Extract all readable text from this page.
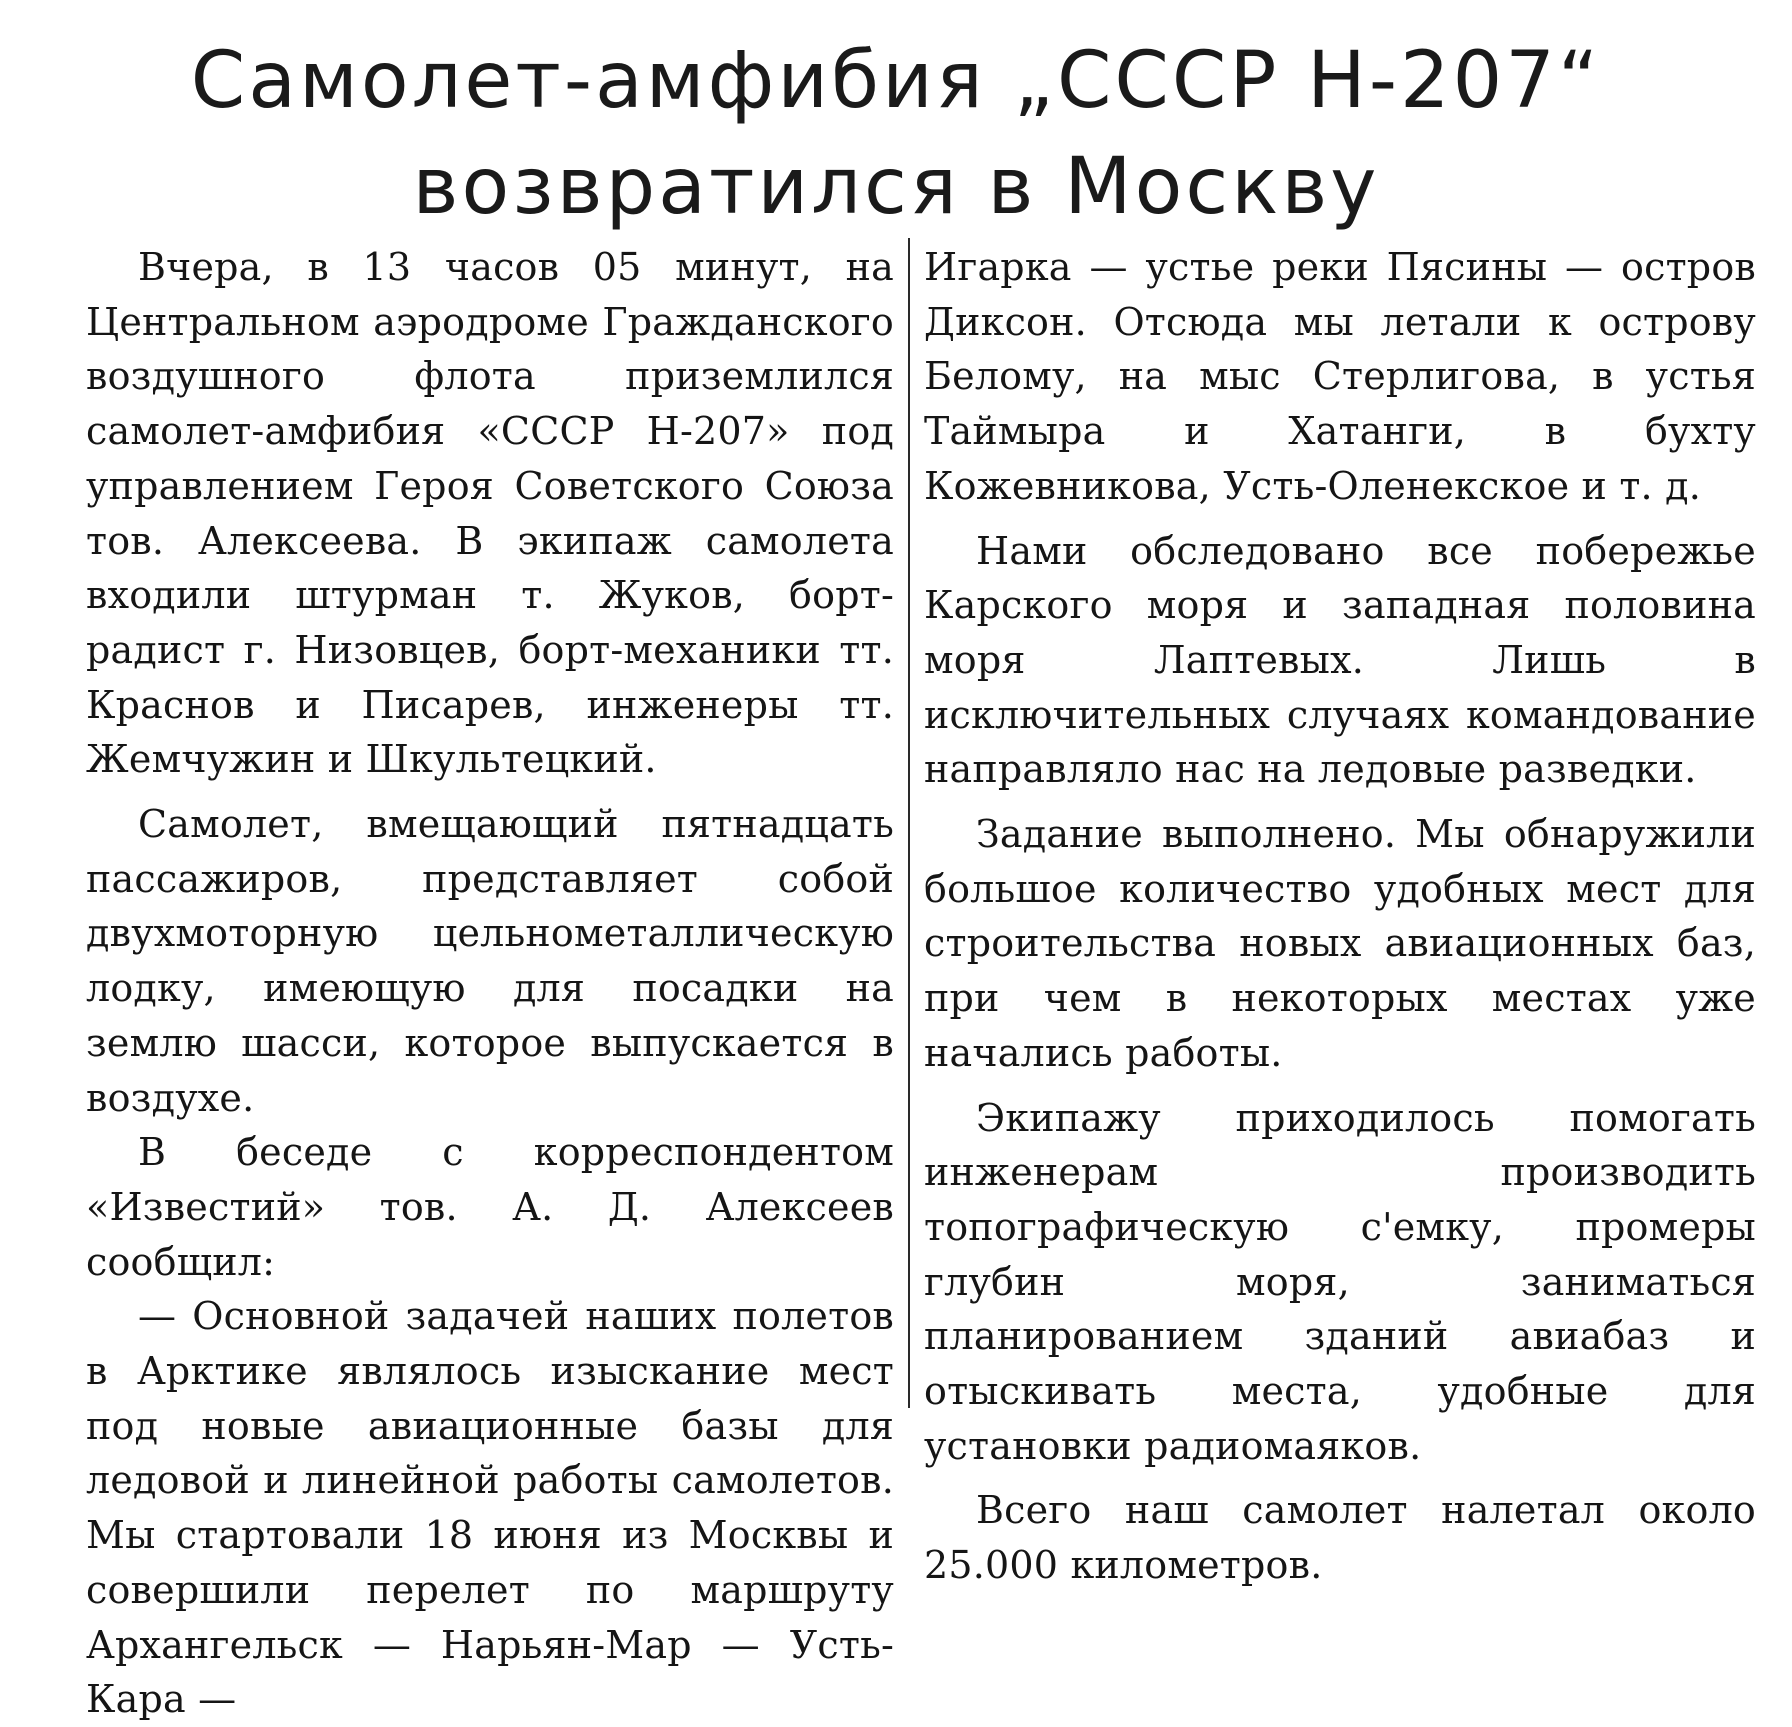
Самолет-амфибия „СССР Н-207“
возвратился в Москву

Вчера, в 13 часов 05 минут, на Центральном аэродроме Гражданского воздушного флота приземлился самолет-амфибия «СССР Н-207» под управлением Героя Советского Союза тов. Алексеева. В экипаж самолета входили штурман т. Жуков, борт-радист г. Низовцев, борт-механики тт. Краснов и Писарев, инженеры тт. Жемчужин и Шкультецкий.

Самолет, вмещающий пятнадцать пассажиров, представляет собой двухмоторную цельнометаллическую лодку, имеющую для посадки на землю шасси, которое выпускается в воздухе.

В беседе с корреспондентом «Известий» тов. А. Д. Алексеев сообщил:

— Основной задачей наших полетов в Арктике являлось изыскание мест под новые авиационные базы для ледовой и линейной работы самолетов. Мы стартовали 18 июня из Москвы и совершили перелет по маршруту Архангельск — Нарьян-Мар — Усть-Кара —

Игарка — устье реки Пясины — остров Диксон. Отсюда мы летали к острову Белому, на мыс Стерлигова, в устья Таймыра и Хатанги, в бухту Кожевникова, Усть-Оленекское и т. д.

Нами обследовано все побережье Карского моря и западная половина моря Лаптевых. Лишь в исключительных случаях командование направляло нас на ледовые разведки.

Задание выполнено. Мы обнаружили большое количество удобных мест для строительства новых авиационных баз, при чем в некоторых местах уже начались работы.

Экипажу приходилось помогать инженерам производить топографическую с'емку, промеры глубин моря, заниматься планированием зданий авиабаз и отыскивать места, удобные для установки радиомаяков.

Всего наш самолет налетал около 25.000 километров.
